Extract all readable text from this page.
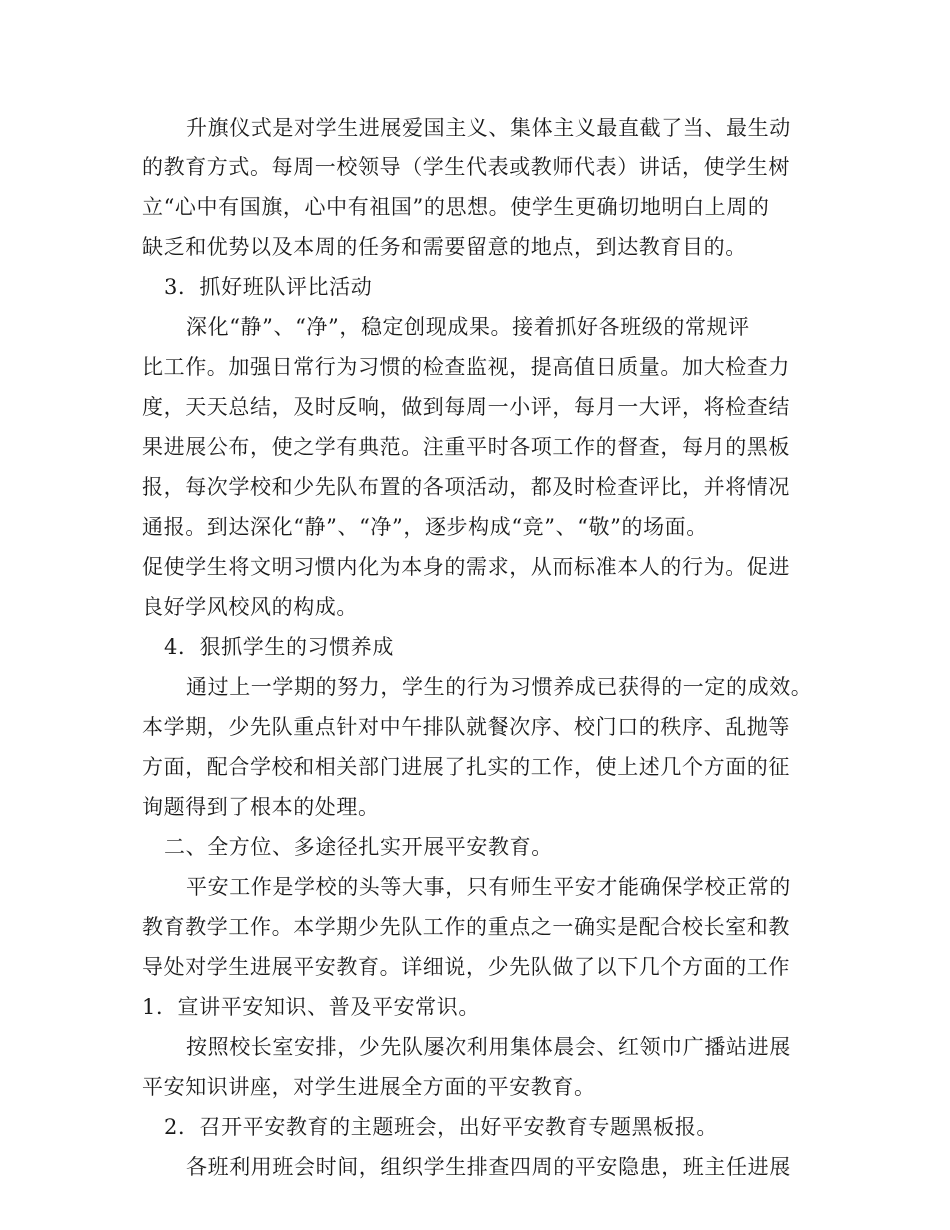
升旗仪式是对学生进展爱国主义、集体主义最直截了当、最生动
的教育方式。每周一校领导（学生代表或教师代表）讲话，使学生树
立“心中有国旗，心中有祖国”的思想。使学生更确切地明白上周的
缺乏和优势以及本周的任务和需要留意的地点，到达教育目的。
3．抓好班队评比活动
深化“静”、“净”，稳定创现成果。接着抓好各班级的常规评
比工作。加强日常行为习惯的检查监视，提高值日质量。加大检查力
度，天天总结，及时反响，做到每周一小评，每月一大评，将检查结
果进展公布，使之学有典范。注重平时各项工作的督查，每月的黑板
报，每次学校和少先队布置的各项活动，都及时检查评比，并将情况
通报。到达深化“静”、“净”，逐步构成“竞”、“敬”的场面。
促使学生将文明习惯内化为本身的需求，从而标准本人的行为。促进
良好学风校风的构成。
4．狠抓学生的习惯养成
通过上一学期的努力，学生的行为习惯养成已获得的一定的成效。
本学期，少先队重点针对中午排队就餐次序、校门口的秩序、乱抛等
方面，配合学校和相关部门进展了扎实的工作，使上述几个方面的征
询题得到了根本的处理。
二、全方位、多途径扎实开展平安教育。
平安工作是学校的头等大事，只有师生平安才能确保学校正常的
教育教学工作。本学期少先队工作的重点之一确实是配合校长室和教
导处对学生进展平安教育。详细说，少先队做了以下几个方面的工作
1．宣讲平安知识、普及平安常识。
按照校长室安排，少先队屡次利用集体晨会、红领巾广播站进展
平安知识讲座，对学生进展全方面的平安教育。
2．召开平安教育的主题班会，出好平安教育专题黑板报。
各班利用班会时间，组织学生排查四周的平安隐患，班主任进展
